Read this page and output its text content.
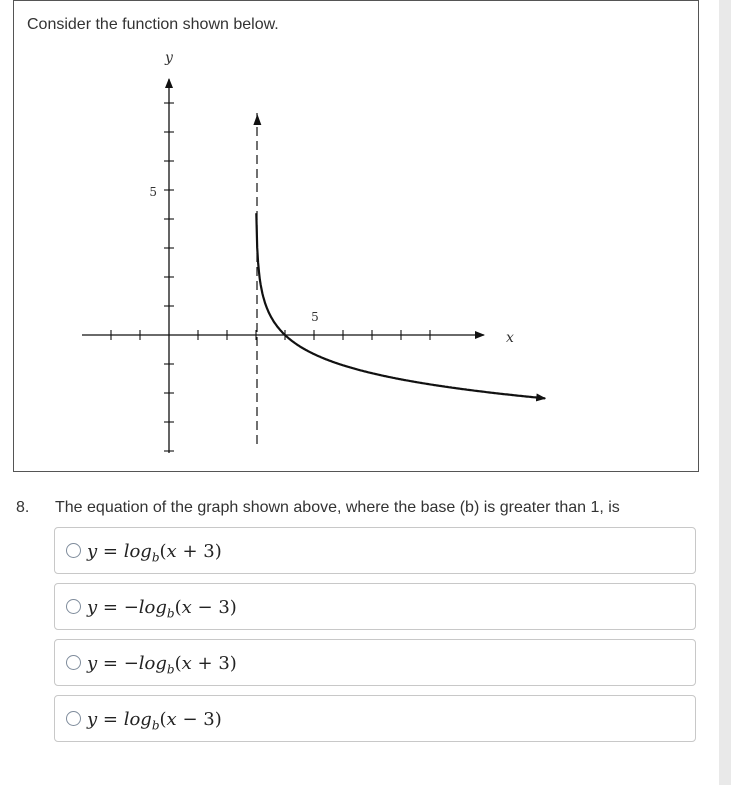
Consider the function shown below.
5
5
x
y
8. The equation of the graph shown above, where the base (b) is greater than 1, is
$y = \log_b(x + 3)$
$y = -\log_b(x - 3)$
$y = -\log_b(x + 3)$
$y = \log_b(x - 3)$
